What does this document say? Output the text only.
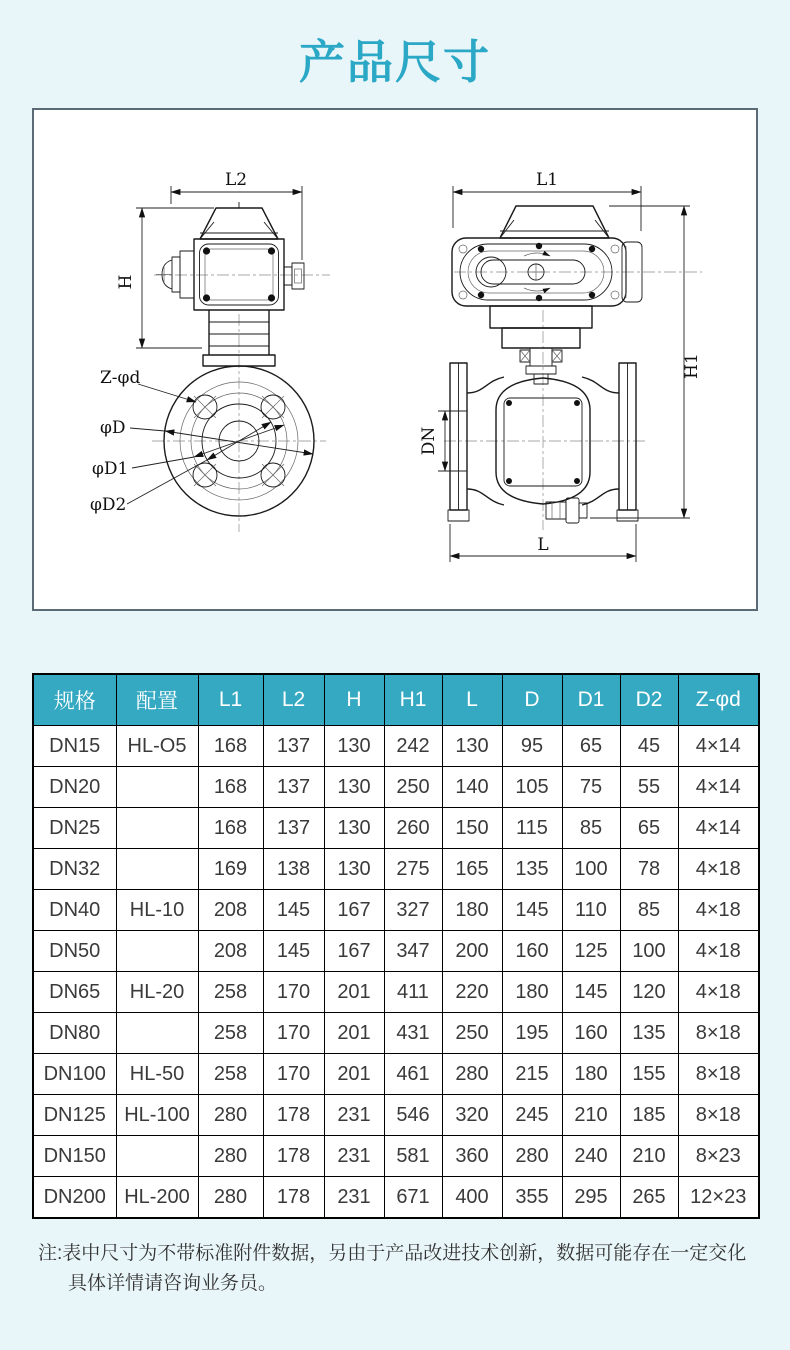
产品尺寸
L2
H
Z-φd
φD
φD1
φD2
L1
H1
DN
L
规格	配置	L1	L2	H	H1	L	D	D1	D2	Z-φd
DN15	HL-O5	168	137	130	242	130	95	65	45	4×14
DN20		168	137	130	250	140	105	75	55	4×14
DN25		168	137	130	260	150	115	85	65	4×14
DN32		169	138	130	275	165	135	100	78	4×18
DN40	HL-10	208	145	167	327	180	145	110	85	4×18
DN50		208	145	167	347	200	160	125	100	4×18
DN65	HL-20	258	170	201	411	220	180	145	120	4×18
DN80		258	170	201	431	250	195	160	135	8×18
DN100	HL-50	258	170	201	461	280	215	180	155	8×18
DN125	HL-100	280	178	231	546	320	245	210	185	8×18
DN150		280	178	231	581	360	280	240	210	8×23
DN200	HL-200	280	178	231	671	400	355	295	265	12×23

注:表中尺寸为不带标准附件数据，另由于产品改进技术创新，数据可能存在一定交化
具体详情请咨询业务员。
